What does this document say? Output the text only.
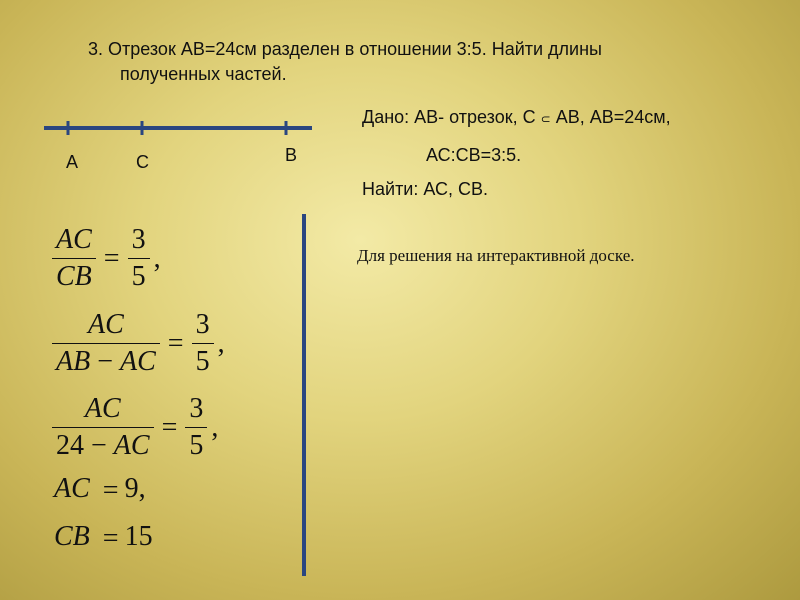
3. Отрезок АВ=24см разделен в отношении 3:5. Найти длины
полученных частей.
А	С	В
Дано: АВ- отрезок, С ⊂ АВ, АВ=24см,
АС:СВ=3:5.
Найти: АС, СВ.
Для решения на интерактивной доске.
$\frac{AC}{CB} = \frac{3}{5}$ ,
$\frac{AC}{AB - AC} = \frac{3}{5}$ ,
$\frac{AC}{24 - AC} = \frac{3}{5}$ ,
AC = 9,
CB = 15
